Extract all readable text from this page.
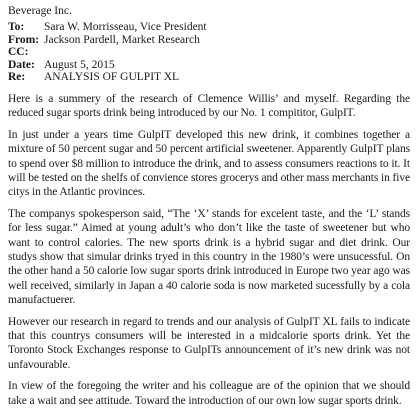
Beverage Inc.
To:	Sara W. Morrisseau, Vice President
From:	Jackson Pardell, Market Research
CC:	
Date:	August 5, 2015
Re:	ANALYSIS OF GULPIT XL

Here is a summery of the research of Clemence Willis’ and myself. Regarding the reduced sugar sports drink being introduced by our No. 1 compititor, GulpIT.

In just under a years time GulpIT developed this new drink, it combines together a mixture of 50 percent sugar and 50 percent artificial sweetener. Apparently GulpIT plans to spend over $8 million to introduce the drink, and to assess consumers reactions to it. It will be tested on the shelfs of convience stores grocerys and other mass merchants in five citys in the Atlantic provinces.

The companys spokesperson said, “The ‘X’ stands for excelent taste, and the ‘L’ stands for less sugar.” Aimed at young adult’s who don’t like the taste of sweetener but who want to control calories. The new sports drink is a hybrid sugar and diet drink. Our studys show that simular drinks tryed in this country in the 1980’s were unsucessful. On the other hand a 50 calorie low sugar sports drink introduced in Europe two year ago was well received, similarly in Japan a 40 calorie soda is now marketed sucessfully by a cola manufactuerer.

However our research in regard to trends and our analysis of GulpIT XL fails to indicate that this countrys consumers will be interested in a midcalorie sports drink. Yet the Toronto Stock Exchanges response to GulpITs announcement of it’s new drink was not unfavourable.

In view of the foregoing the writer and his colleague are of the opinion that we should take a wait and see attitude. Toward the introduction of our own low sugar sports drink.
